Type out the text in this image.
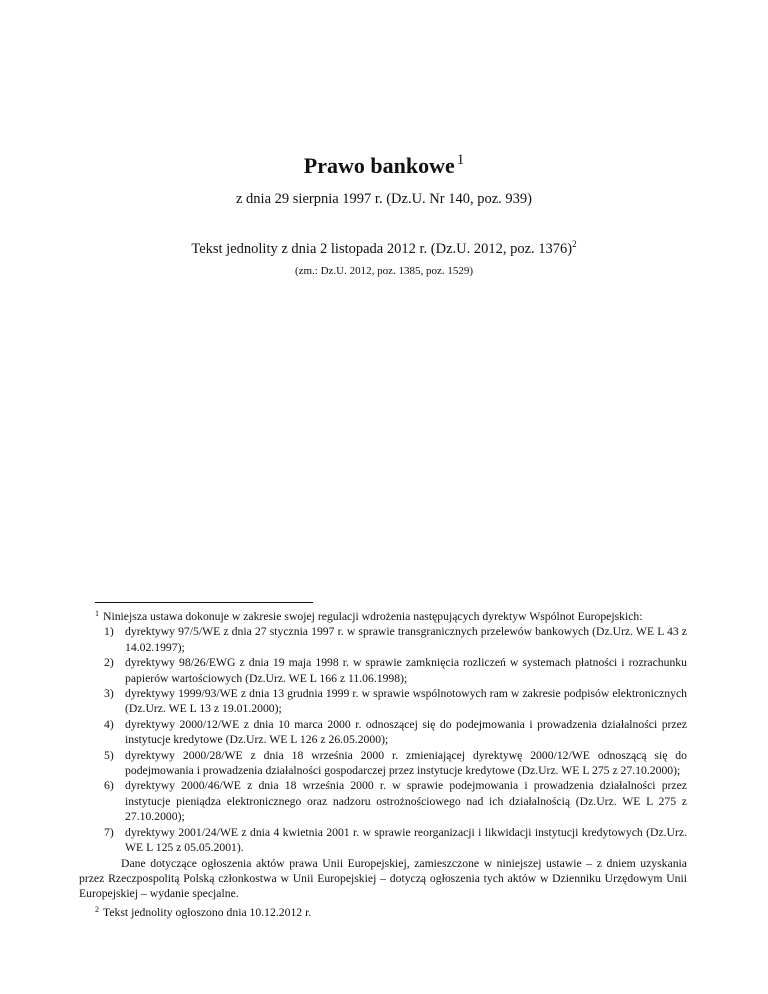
Prawo bankowe $^1$
z dnia 29 sierpnia 1997 r. (Dz.U. Nr 140, poz. 939)
Tekst jednolity z dnia 2 listopada 2012 r. (Dz.U. 2012, poz. 1376)$^2$
(zm.: Dz.U. 2012, poz. 1385, poz. 1529)
$^1$ Niniejsza ustawa dokonuje w zakresie swojej regulacji wdrożenia następujących dyrektyw Wspólnot Europejskich:
1) dyrektywy 97/5/WE z dnia 27 stycznia 1997 r. w sprawie transgranicznych przelewów bankowych (Dz.Urz. WE L 43 z 14.02.1997);
2) dyrektywy 98/26/EWG z dnia 19 maja 1998 r. w sprawie zamknięcia rozliczeń w systemach płatności i rozrachunku papierów wartościowych (Dz.Urz. WE L 166 z 11.06.1998);
3) dyrektywy 1999/93/WE z dnia 13 grudnia 1999 r. w sprawie wspólnotowych ram w zakresie podpisów elektronicznych (Dz.Urz. WE L 13 z 19.01.2000);
4) dyrektywy 2000/12/WE z dnia 10 marca 2000 r. odnoszącej się do podejmowania i prowadzenia działalności przez instytucje kredytowe (Dz.Urz. WE L 126 z 26.05.2000);
5) dyrektywy 2000/28/WE z dnia 18 września 2000 r. zmieniającej dyrektywę 2000/12/WE odnoszącą się do podejmowania i prowadzenia działalności gospodarczej przez instytucje kredytowe (Dz.Urz. WE L 275 z 27.10.2000);
6) dyrektywy 2000/46/WE z dnia 18 września 2000 r. w sprawie podejmowania i prowadzenia działalności przez instytucje pieniądza elektronicznego oraz nadzoru ostrożnościowego nad ich działalnością (Dz.Urz. WE L 275 z 27.10.2000);
7) dyrektywy 2001/24/WE z dnia 4 kwietnia 2001 r. w sprawie reorganizacji i likwidacji instytucji kredytowych (Dz.Urz. WE L 125 z 05.05.2001).
Dane dotyczące ogłoszenia aktów prawa Unii Europejskiej, zamieszczone w niniejszej ustawie – z dniem uzyskania przez Rzeczpospolitą Polską członkostwa w Unii Europejskiej – dotyczą ogłoszenia tych aktów w Dzienniku Urzędowym Unii Europejskiej – wydanie specjalne.
$^2$ Tekst jednolity ogłoszono dnia 10.12.2012 r.
